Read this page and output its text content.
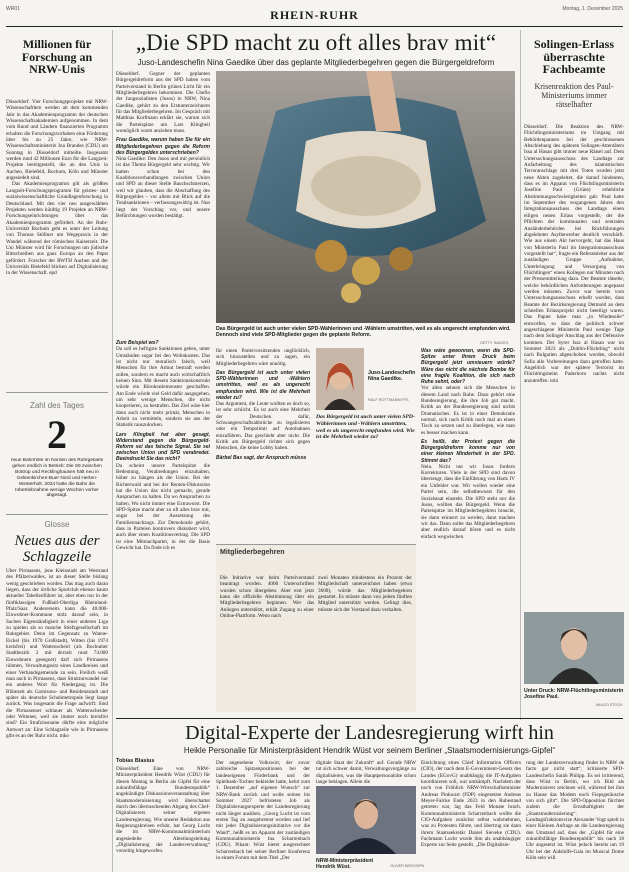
WR01	Montag, 1. Dezember 2025
RHEIN-RUHR
Millionen für Forschung an NRW-Unis

Düsseldorf. Vier Forschungsprojekte mit NRW-Wissenschaftlern werden ab dem kommenden Jahr in das Akademienprogramm der deutschen Wissenschaftsakademien aufgenommen. In dem vom Bund und Ländern finanzierten Programm erhalten die Forschungsvorhaben eine Förderung über bis zu 25 Jahre, wie NRW-Wissenschaftsministerin Ina Brandes (CDU) am Sonntag in Düsseldorf mitteilte. Insgesamt werden rund 42 Millionen Euro für die Langzeit-Projekte bereitgestellt, die an den Unis in Aachen, Bielefeld, Bochum, Köln und Münster angesiedelt sind.

Das Akademienprogramm gilt als größtes Langzeit-Forschungsprogramm für geistes- und sozialwissenschaftliche Grundlagenforschung in Deutschland. Mit den vier neu ausgewählten Projekten werden künftig 19 Projekte an NRW-Forschungseinrichtungen über das Akademienprogramm gefördert. An der Ruhr-Universität Bochum geht es unter der Leitung von Thomas Stöllner um Wegepraxis in der Wandel während der römischen Kaiserzeit. Die Uni Münster wird für Forschungen um jüdische Bittschreiben aus ganz Europa an den Papst gefördert. Forscher der RWTH Aachen und der Universität Bielefeld blicken auf Digitalisierung in der Wissenschaft. epd

Zahl des Tages
2
neue Bahnhöfe im Norden des Ruhrgebiets gehen endlich in Betrieb: Die S9 zwischen Bottrop und Recklinghausen hält neu in Gelsenkirchen-Buer Nord und Herten-Westerholt. 2024 hatte die Bahn die Inbetriebnahme wenige Wochen vorher abgesagt.
Glosse
Neues aus der Schlagzeile
Über Pirmasens, jene Kleinstadt am Westrand des Pfälzerwaldes, ist an dieser Stelle bislang wenig geschrieben worden. Das mag auch daran liegen, dass der örtliche Sportclub ebenso kaum aktueller Tabellenführer ist, aber eben nur in der fünftklassigen Fußball-Oberliga Rheinland-Pfalz/Saar. Andererseits kann die 40.000-Einwohner-Kommune stolz darauf sein, in Sachen Eigenständigkeit in einer anderen Liga zu spielen als so manche Stiefzgesellschaft im Ruhrgebiet. Denn im Gegensatz zu Wanne-Eickel (bis 1970 Großstadt), Witten (bis 1974 kreisfrei) und Wattenscheid (als Bochumer Stadtbezirk 2 mit derzeit rund 74.000 Einwohnern gesegnet) darf sich Pirmasens rühmen, Verwaltungssitz eines Landkreises und einer Verbandsgemeinde zu sein. Freilich weiß man auch in Pirmasens, dass Strukturwandel nur ein anderes Wort für Niedergang ist. Die Blütezeit als Garnisons- und Residenzstadt und später als deutsche Schuhmetropole liegt lange zurück. Was insgesamt die Frage aufwirft: Sind die Pirmasenser schlauer als Wattenscheider oder Wittener, weil sie immer noch kreisfrei sind? Ein Strafzinsname dürfte eine mögliche Antwort an: Eine Schlagzeile wie in Pirmasens gibt es an der Ruhr nicht. mko
„Die SPD macht zu oft alles brav mit“
Juso-Landeschefin Nina Gaedike über das geplante Mitgliederbegehren gegen die Bürgergeldreform

Düsseldorf. Gegner der geplanten Bürgergeldreform aus der SPD haben vom Parteivorstand in Berlin grünes Licht für ein Mitgliederbegehren bekommen. Die Chefin der Jungsozialisten (Jusos) in NRW, Nina Gaedike, gehört zu den Erstunterzeichnern für das Mitgliederbegehren. Im Gespräch mit Matthias Korfmann erklärt sie, warum sich die Parteispitze um Lars Klingbeil womöglich warm anziehen muss.

Frau Gaedike, warum haben Sie für ein Mitgliederbegehren gegen die Reform des Bürgergeldes unterschrieben?

Nina Gaedike: Den Jusos und mir persönlich ist das Thema Bürgergeld sehr wichtig. Wir hatten schon bei den Koalitionsverhandlungen zwischen Union und SPD an dieser Stelle Bauchschmerzen, weil wir glauben, dass die Abschaffung des Bürgergeldes – vor allem mit Blick auf die Totalsanktionen – verfassungswidrig ist. Nun liegt der Vorschlag vor, und unsere Befürchtungen wurden bestätigt.

Das Bürgergeld ist auch unter vielen SPD-Wählerinnen und -Wählern umstritten, weil es als ungerecht empfunden wird. Dennoch sind viele SPD-Mitglieder gegen die geplante Reform.
GETTY IMAGES

Zum Beispiel wo?

Da soll es heftigste Sanktionen geben, unter Umständen sogar bei den Wohnkosten. Das ist nicht nur moralisch falsch, weil Menschen für ihre Armut bestraft werden sollen, sondern es macht auch wirtschaftlich keinen Sinn. Mit diesem Sanktionskonstrukt würde ein Bürokratiemonster geschaffen. Am Ende würde viel Geld dafür ausgegeben, um sehr wenige Menschen, die nicht kooperieren, zu bestrafen. Das Ziel wäre hier dann auch nicht mehr primär, Menschen in Arbeit zu vermitteln, sondern sie aus der Statistik rauszulocken.

Lars Klingbeil hat aber gesagt, Widerstand gegen die Bürgergeld-Reform sei das falsche Signal. Sie sei zwischen Union und SPD verabredet. Beeindruckt Sie das nicht?

Da scheint unsere Parteispitze die Bedeutung, Verabredungen einzuhalten, höher zu hängen als die Union. Bei der Richterwahl und bei der Renten-Diskussion hat die Union das nicht gemacht, gerade Ansprachen zu halten. Da wo Ansprachen zu halten. Wo nicht immer eine Extrawurst. Die SPD-Spitze macht aber zu oft alles brav mit, sogar bei der Aussetzung des Familiennachzugs. Zur Demokratie gehört, dass in Parteien kontrovers diskutiert wird, auch über einen Koalitionsvertrag. Die SPD ist eine Mitmachpartei, in der die Basis Gewicht hat. Da finde ich es

für einen Parteivorsitzenden unglücklich, sich hinzustellen und zu sagen, ein Mitgliederbegehren wäre unnötig.

Das Bürgergeld ist auch unter vielen SPD-Wählerinnen und -Wählern umstritten, weil es als ungerecht empfunden wird. Wie ist die Mehrheit wieder zu?

Das Argument, die Leute wollten es doch so, ist sehr schlicht. Es ist auch eine Mehrheit der Deutschen dafür, Schwangerschaftsabbrüche zu legalisieren oder ein Tempolimit auf Autobahnen einzuführen. Das geschieht aber nicht. Die Kritik am Bürgergeld richtet sich gegen Menschen, die keine Lobby haben.

Bärbel Bas sagt, der Anspruch müsse

Juso-Landeschefin Nina Gaedike.
RALF ROTTMANN/FFS
Das Bürgergeld ist auch unter vielen SPD-Wählerinnen und -Wählern umstritten, weil es als ungerecht empfunden wird. Wie ist die Mehrheit wieder zu?

Was wäre gewonnen, wenn die SPD-Spitze unter Ihrem Druck beim Bürgergeld jetzt umsteuern würde? Wäre das nicht die nächste Bombe für eine fragile Koalition, die sich nach Ruhe sehnt, oder?

Vor allen sehnen sich die Menschen in diesem Land nach Ruhe. Dazu gehört eine Bundesregierung, die ihre Job gut macht. Kritik an der Bundesregierung sind nichts Dramatisches. Es ist in einer Demokratie normal, sich nach Kritik noch mal an einen Tisch zu setzen und zu überlegen, wie man es besser machen kann.

Es heißt, der Protest gegen die Bürgergeldreform komme nur von einer kleinen Minderheit in der SPD. Stimmt das?

Nein. Nicht nur wir Jusos fordern Korrekturen. Viele in der SPD sind davon überzeugt, dass die Einführung von Hartz IV ein Unfehler war. Wir wollen wieder eine Partei sein, die selbstbewusst für den Sozialstaat einsteht. Die SPD steht nur die Jusos, wollten das Bürgergeld. Wenn die Parteispitze im Mitgliederbegehren braucht, sie dann erinnert zu werden, dann machen wir das. Dann sollte das Mitgliederbegehren aber endlich darauf hören und es nicht einfach wegwischen.

Mitgliederbegehren
Die Initiative war beim Parteivorstand beantragt worden. 4000 Unterschriften wurden schon übergeben. Aber erst jetzt kann die offizielle Abstimmung über ein Mitgliederbegehren beginnen. Wer das Anliegen unterstützt, erhält Zugang zu einer Online-Plattform. Wenn nach
zwei Monaten mindestens ein Prozent der Mitgliedschaft unterzeichnet haben (etwa 3600), würde das Mitgliederbegehren gestartet. Es müsste dann von jedem fünften Mitglied unterstützt werden. Gelingt dies, müsste sich der Vorstand dazu verhalten.
Solingen-Erlass überraschte Fachbeamte
Krisenreaktion des Paul-Ministeriums immer rätselhafter
Düsseldorf. Die Reaktion des NRW-Flüchtlingsministeriums im Umgang mit Behördenpannen bei der geschlossenen Abschiebung des späteren Solingen-Attentäters Issa al Hasan gibt immer neue Rätsel auf. Dem Untersuchungsausschuss des Landtags zur Aufarbeitung des islamistischen Terroranschlags mit drei Toten wurden jetzt neue Akten zugeleitet, die darauf hindeuten, dass es im Apparat von Flüchtlingsministerin Josefine Paul (Grüne) erhebliche Abstimmungsschwierigkeiten gab: Paul hatte im September des vergangenen Jahres den Integrationsausschuss des Landtags einen eiligen neuen Erlass vorgestellt, der die Pflichten der kommunalen und zentralen Ausländerbehörden bei Rückführungen abgelehnter Asylbewerber deutlich verschärft. Wie aus einem Akt hervorgeht, hat das Haus von Ministerin Paul im Integrationsausschuss vorgestellt hat“, fragte ein Referatsleiter aus der zuständigen Gruppe „Aufnahme, Unterbringung und Versorgung von Flüchtlingen“ einen Kollegen nur Minuten nach der Pressemitteilung dazu. Der Beamte rätselte, welche behördlichen Anforderungen angepasst werden müssten. Zuvor war bereits vom Untersuchungsausschuss erhellt worden, dass Beamte der Bezirksregierung Detmold an dem schnellen Erlassprojekt nicht beteiligt waren. Das Papier habe man „in Windeseile“ entworfen, so dass die politisch schwer angeschlagene Ministerin Paul wenige Tage nach dem Solinger Anschlag aus der Defensive kommen. Der Syrer Issa al Hasan war im Sommer 2023 als „Dublin-Flüchtling“ nicht nach Bulgarien abgeschoben worden, obwohl Sofia alle Vorbereitungen dazu getroffen hatte. Angeblich war der spätere Terrorist im Flüchtlingsheim Paderborn nachts nicht anzutreffen. tobi
Unter Druck: NRW-Flüchtlingsministerin Josefine Paul.
IMAGO STOCK
Digital-Experte der Landesregierung wirft hin
Heikle Personalie für Ministerpräsident Hendrik Wüst vor seinem Berliner „Staatsmodernisierungs-Gipfel“
Tobias Blasius
Düsseldorf. Eine von NRW-Ministerpräsident Hendrik Wüst (CDU) für diesen Montag in Berlin als Gipfel für eine zukunftsfähige Bundesrepublik“ angekündigte Diskussionsveranstaltung über Staatsmodernisierung wird überschattet durch den überraschenden Abgang des Chef-Digitalisierers seiner eigenen Landesregierung. Wie unserer Redaktion aus Regierungskreisen erfuhr, hat Georg Lucht die im NRW-Kommunalministerium angesiedelte Abteilungsleitung „Digitalisierung der Landesverwaltung“ vorzeitig hingeworfen.
Der angesehene Volkswirt, der zuvor zahlreiche Spitzenpositionen bei der landeseigenen Förderbank und der Spielbank-Tochter bekleidet hatte, kehrt zum 1. Dezember „auf eigenen Wunsch“ zur NRW-Bank zurück und wolle seinen bis Sommer 2027 befristeten Job als Digitalisierungsexperte der Landesregierung nicht länger ausüben. „Georg Lucht ist vom ersten Tag an ausgebremst worden und lief mit jeder Digitalisierungsinitiative vor die Wand“, heißt es im Apparat der zuständigen Kommunalministerin Ina Scharrenbach (CDU). Pikant: Wüst bietet ausgerechnet Scharrenbach bei seiner Berliner Konferenz in einem Forum mit dem Titel „Der
digitale Staat der Zukunft“ auf. Gerade NRW tut sich schwer damit, Verwaltungsvorgänge zu digitalisieren, was die Hauptpersonalräte schon lange beklagen. Allein die
NRW-Ministerpräsident Hendrik Wüst.	OLIVER BERG/DPA
Einrichtung eines Chief Information Officers (CIO), der nach dem E-Government-Gesetz des Landes (EGovG) unabhängig die IT-Aufgaben koordinieren soll, war umkämpft. Nachdem der noch von Fröhlich NRW-Wirtschaftsminister Andreas Pinkwart (FDP) eingesetzte Andreas Meyer-Falcke Ende 2023 in den Ruhestand getreten war, lag das Feld Monate brach. Kommunalministerin Scharrenbach wollte die CIO-Aufgaben zunächst selbst wahrnehmen, was zu Protesten führte, und übertrug sie dann ihrem Staatssekretär Daniel Sieveke (CDU). Fachmann Lucht wurde ihm als unabhängiger Experte zur Seite gestellt. „Die Digitalisie-
rung der Landesverwaltung findet in NRW de facto gar nicht statt“, kritisierte SPD-Landeschefin Sarah Philipp. Es sei irritierend, dass Wüst in Berlin, wo ich Bild als Modernisierer zeichnen will, während bei ihm zu Hause das Modem noch Fiepsgeräusche von sich gibt“. Die SPD-Opposition fürchtet zudem die Ernsthaftigkeit der „Staatsmodernisierung“. Landtagsfraktionsvize Alexander Vogt spielt in einer Kleinen Anfrage an die Landesregierung den Umstand auf, dass der „Gipfel für eine zukunftsfähige Bundesrepublik“ bis nach 18 Uhr angesetzt ist. Wüst jedoch bereits um 19 Uhr bei der Aidshilfe-Gala im Musical Dome Köln sein will.
